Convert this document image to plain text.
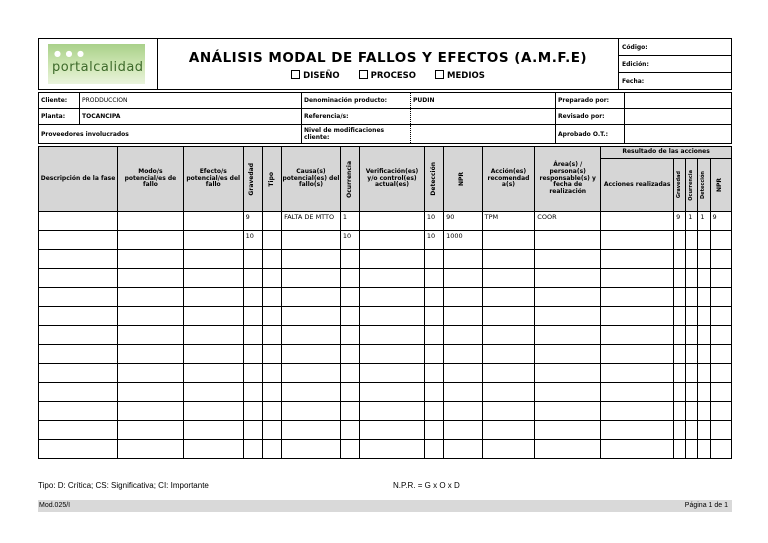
● ● ●
portalcalidad

ANÁLISIS MODAL DE FALLOS Y EFECTOS (A.M.F.E)
DISEÑO	PROCESO	MEDIOS
	Código:
Edición:
Fecha:
Cliente:	PRODDUCCION	Denominación producto:	PUDIN	Preparado por:	
Planta:	TOCANCIPA	Referencia/s:		Revisado por:	
Proveedores involucrados		Nivel de modificaciones cliente:		Aprobado O.T.:	
Descripción de la fase	Modo/s potencial/es de fallo	Efecto/s potencial/es del fallo	Gravedad	Tipo	Causa(s) potencial(es) del fallo(s)	Ocurrencia	Verificación(es) y/o control(es) actual(es)	Detección	NPR	Acción(es) recomendad a(s)	Área(s) / persona(s) responsable(s) y fecha de realización	Resultado de las acciones				
												Acciones realizadas	Gravedad	Ocurrencia	Detección	NPR

			9		FALTA DE MTTO	1		10	90	TPM	COOR		9	1	1	9
			10			10		10	1000							

Tipo: D: Crítica; CS: Significativa; CI: Importante	N.P.R. = G x O x D
Mod.025/I	Página 1 de 1
